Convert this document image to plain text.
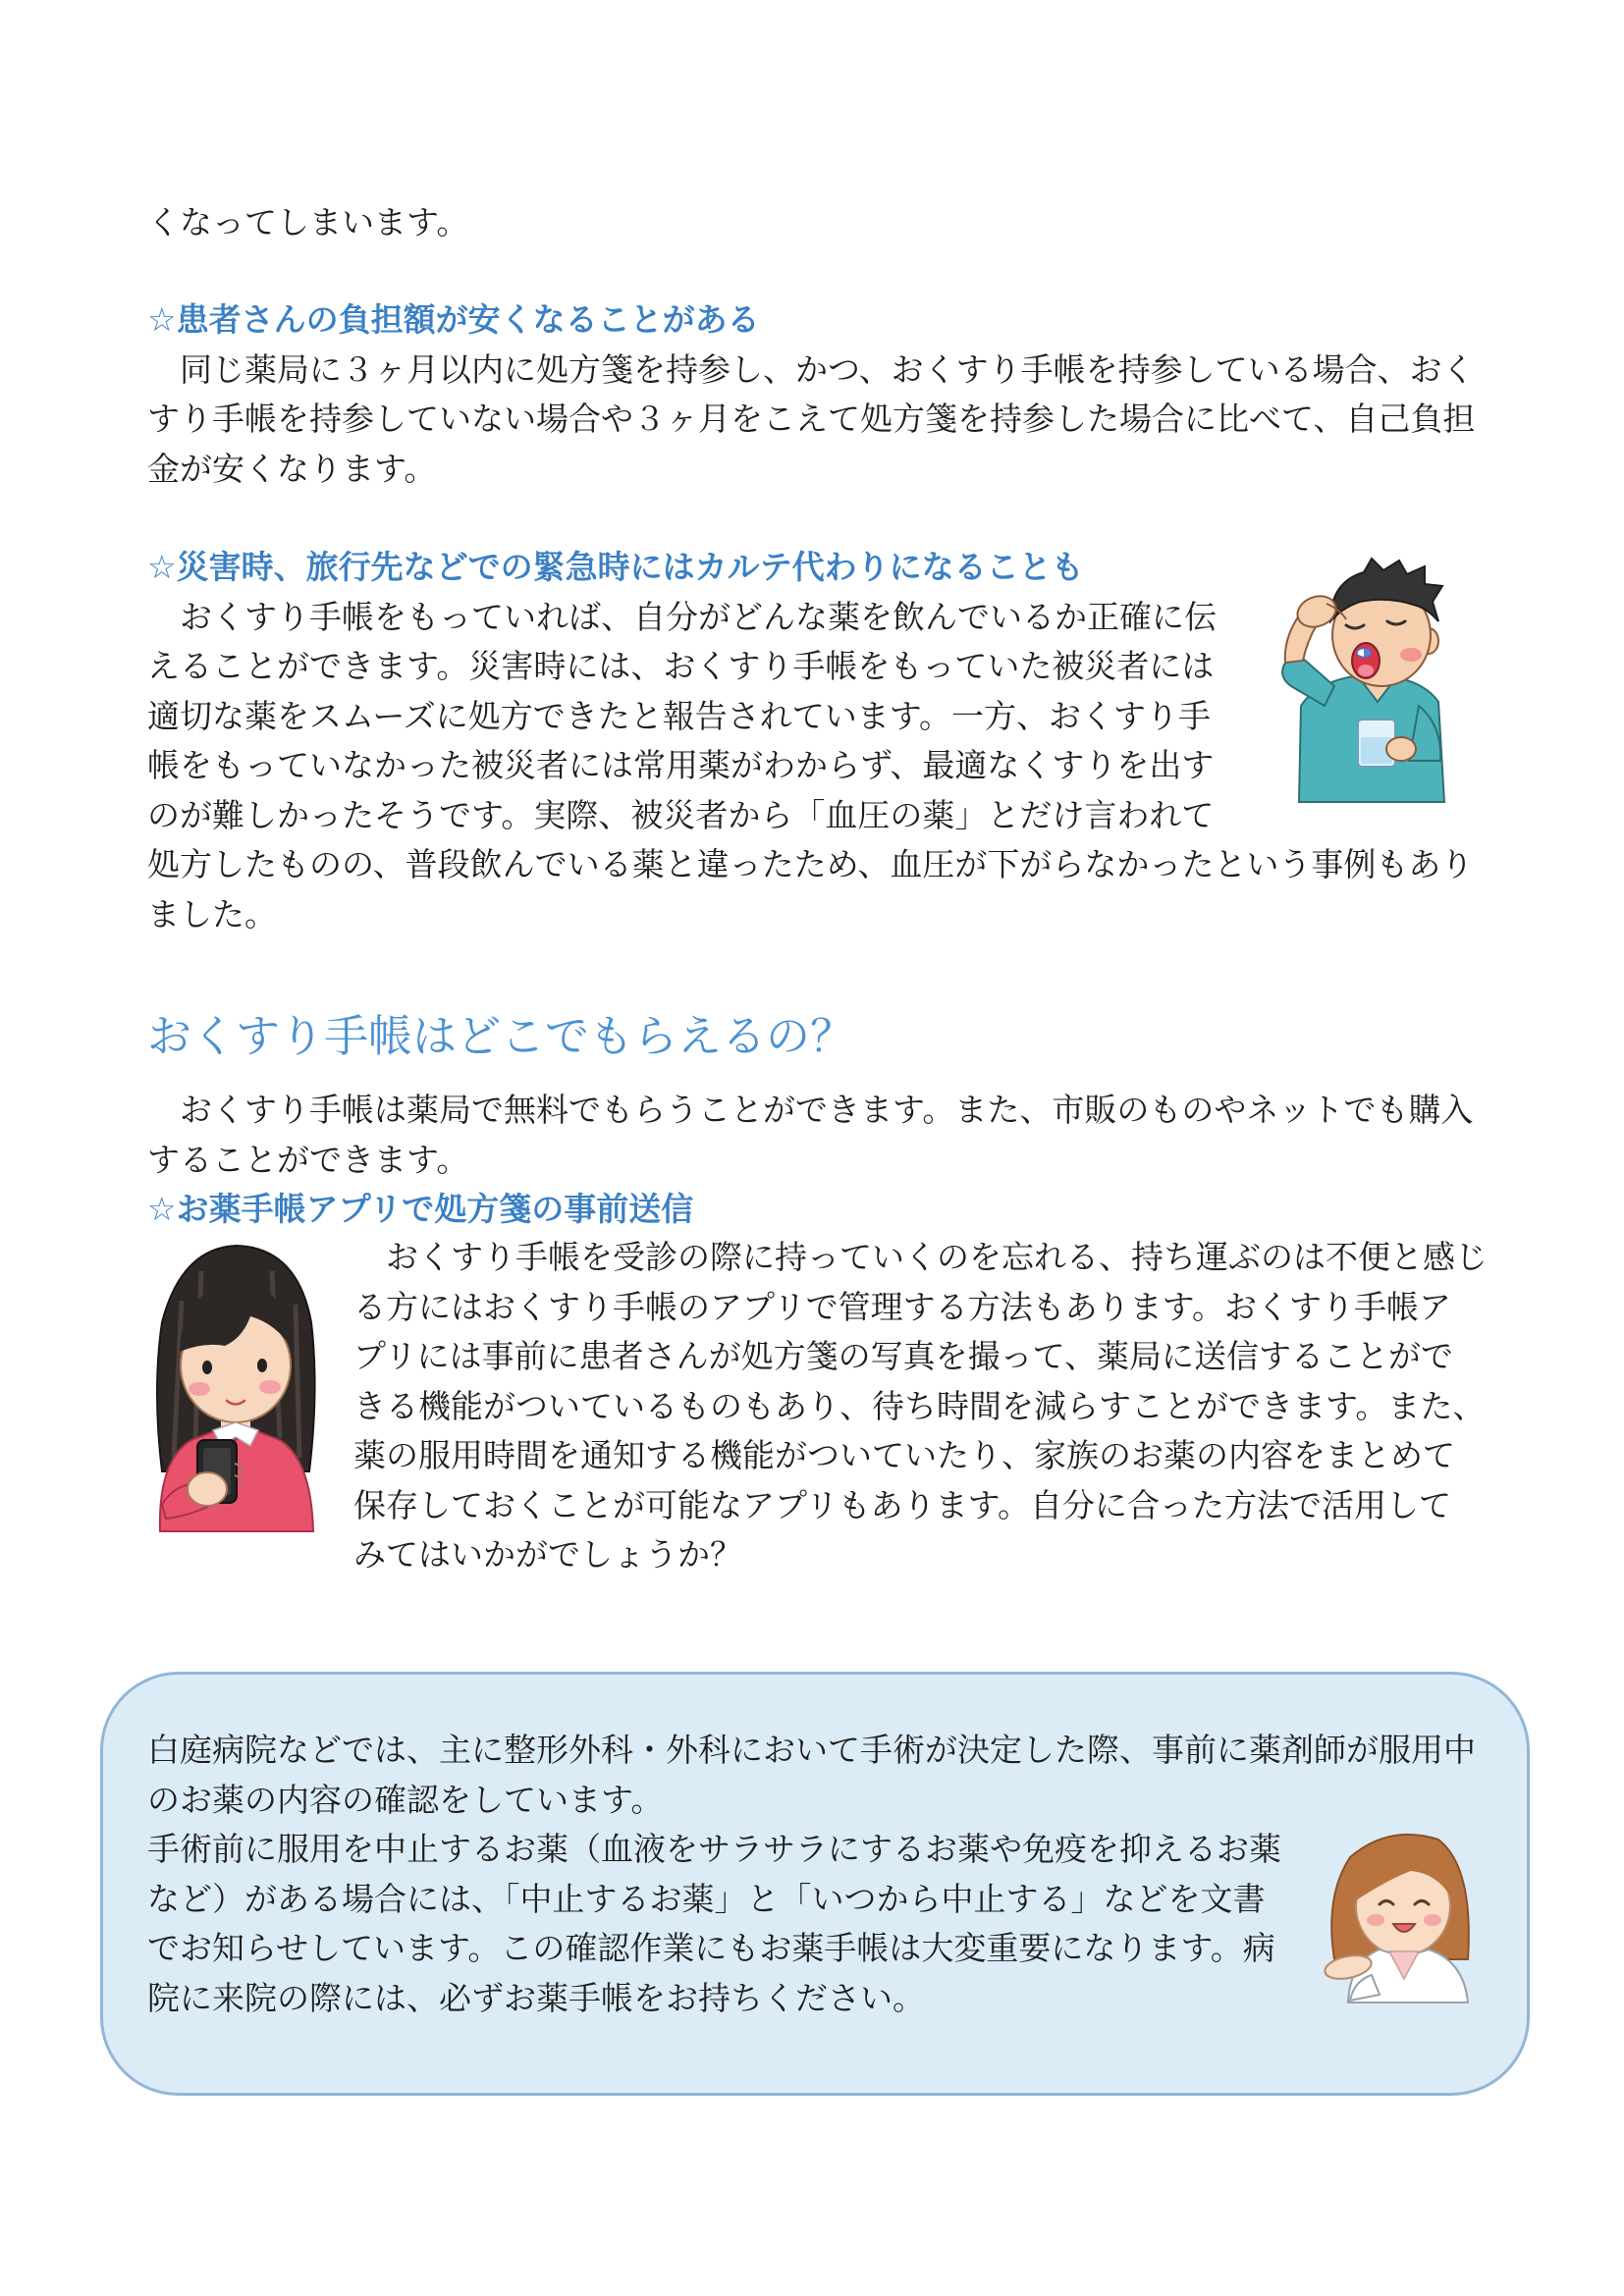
くなってしまいます。
☆患者さんの負担額が安くなることがある
　同じ薬局に３ヶ月以内に処方箋を持参し、かつ、おくすり手帳を持参している場合、おく
すり手帳を持参していない場合や３ヶ月をこえて処方箋を持参した場合に比べて、自己負担
金が安くなります。
☆災害時、旅行先などでの緊急時にはカルテ代わりになることも
　おくすり手帳をもっていれば、自分がどんな薬を飲んでいるか正確に伝
えることができます。災害時には、おくすり手帳をもっていた被災者には
適切な薬をスムーズに処方できたと報告されています。一方、おくすり手
帳をもっていなかった被災者には常用薬がわからず、最適なくすりを出す
のが難しかったそうです。実際、被災者から「血圧の薬」とだけ言われて
処方したものの、普段飲んでいる薬と違ったため、血圧が下がらなかったという事例もあり
ました。
おくすり手帳はどこでもらえるの？
　おくすり手帳は薬局で無料でもらうことができます。また、市販のものやネットでも購入
することができます。
☆お薬手帳アプリで処方箋の事前送信
　おくすり手帳を受診の際に持っていくのを忘れる、持ち運ぶのは不便と感じ
る方にはおくすり手帳のアプリで管理する方法もあります。おくすり手帳ア
プリには事前に患者さんが処方箋の写真を撮って、薬局に送信することがで
きる機能がついているものもあり、待ち時間を減らすことができます。また、
薬の服用時間を通知する機能がついていたり、家族のお薬の内容をまとめて
保存しておくことが可能なアプリもあります。自分に合った方法で活用して
みてはいかがでしょうか？
白庭病院などでは、主に整形外科・外科において手術が決定した際、事前に薬剤師が服用中
のお薬の内容の確認をしています。
手術前に服用を中止するお薬（血液をサラサラにするお薬や免疫を抑えるお薬
など）がある場合には、「中止するお薬」と「いつから中止する」などを文書
でお知らせしています。この確認作業にもお薬手帳は大変重要になります。病
院に来院の際には、必ずお薬手帳をお持ちください。
